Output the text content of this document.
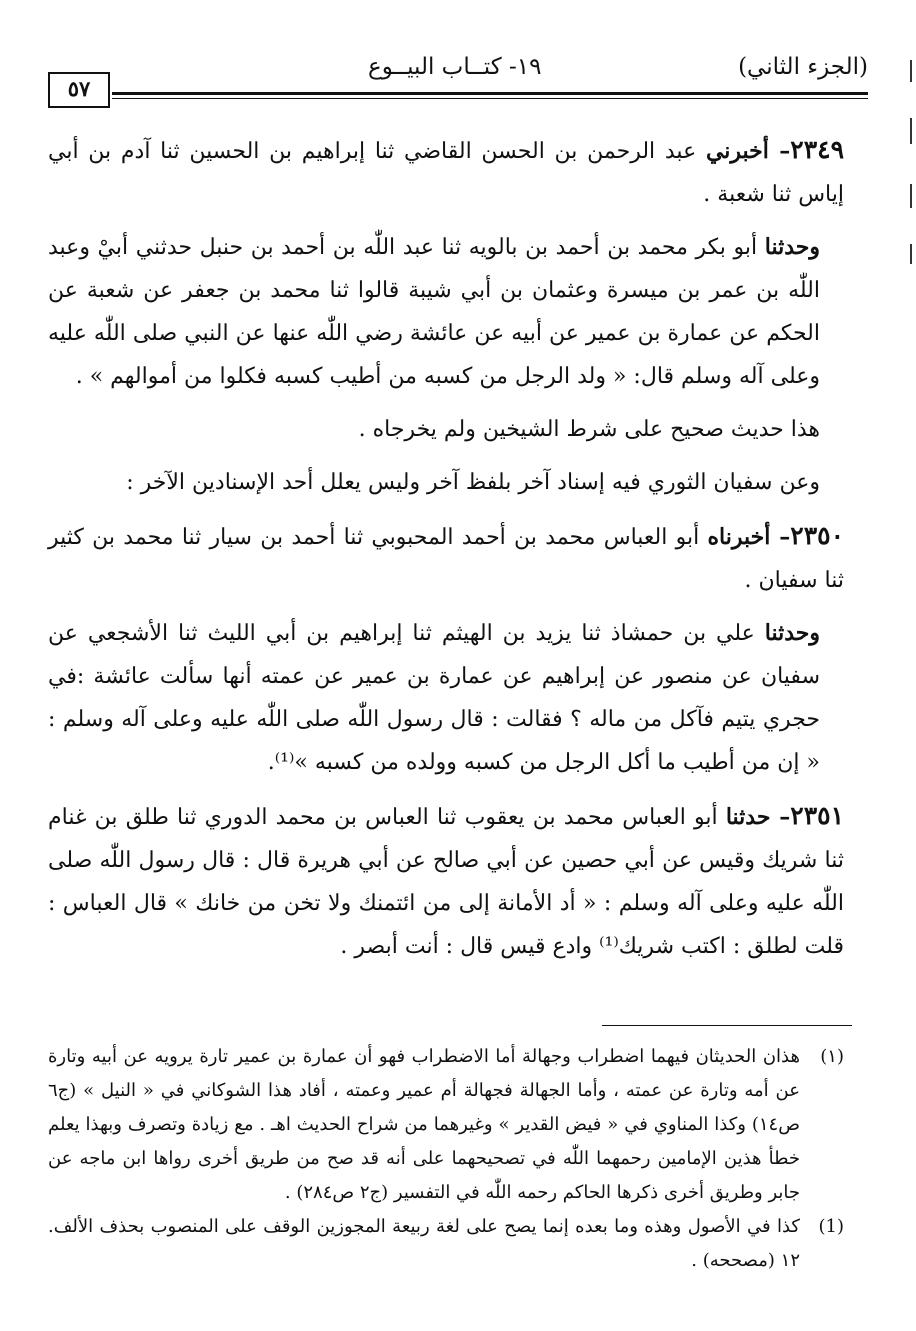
(الجزء الثاني)
١٩- كتــاب البيــوع
٥٧

٢٣٤٩– أخبرني عبد الرحمن بن الحسن القاضي ثنا إبراهيم بن الحسين ثنا آدم بن أبي إياس ثنا شعبة .

وحدثنا أبو بكر محمد بن أحمد بن بالويه ثنا عبد اللّٰه بن أحمد بن حنبل حدثني أبيْ وعبد اللّٰه بن عمر بن ميسرة وعثمان بن أبي شيبة قالوا ثنا محمد بن جعفر عن شعبة عن الحكم عن عمارة بن عمير عن أبيه عن عائشة رضي اللّٰه عنها عن النبي صلى اللّٰه عليه وعلى آله وسلم قال: « ولد الرجل من كسبه من أطيب كسبه فكلوا من أموالهم » .

هذا حديث صحيح على شرط الشيخين ولم يخرجاه .

وعن سفيان الثوري فيه إسناد آخر بلفظ آخر وليس يعلل أحد الإسنادين الآخر :

٢٣٥٠– أخبرناه أبو العباس محمد بن أحمد المحبوبي ثنا أحمد بن سيار ثنا محمد بن كثير ثنا سفيان .

وحدثنا علي بن حمشاذ ثنا يزيد بن الهيثم ثنا إبراهيم بن أبي الليث ثنا الأشجعي عن سفيان عن منصور عن إبراهيم عن عمارة بن عمير عن عمته أنها سألت عائشة :في حجري يتيم فآكل من ماله ؟ فقالت : قال رسول اللّٰه صلى اللّٰه عليه وعلى آله وسلم : « إن من أطيب ما أكل الرجل من كسبه وولده من كسبه »⁽¹⁾.

٢٣٥١– حدثنا أبو العباس محمد بن يعقوب ثنا العباس بن محمد الدوري ثنا طلق بن غنام ثنا شريك وقيس عن أبي حصين عن أبي صالح عن أبي هريرة قال : قال رسول اللّٰه صلى اللّٰه عليه وعلى آله وسلم : « أد الأمانة إلى من ائتمنك ولا تخن من خانك » قال العباس : قلت لطلق : اكتب شريك⁽¹⁾ وادع قيس قال : أنت أبصر .

(١)
هذان الحديثان فيهما اضطراب وجهالة أما الاضطراب فهو أن عمارة بن عمير تارة يرويه عن أبيه وتارة عن أمه وتارة عن عمته ، وأما الجهالة فجهالة أم عمير وعمته ، أفاد هذا الشوكاني في « النيل » (ج٦ ص١٤) وكذا المناوي في « فيض القدير » وغيرهما من شراح الحديث اهـ . مع زيادة وتصرف وبهذا يعلم خطأ هذين الإمامين رحمهما اللّٰه في تصحيحهما على أنه قد صح من طريق أخرى رواها ابن ماجه عن جابر وطريق أخرى ذكرها الحاكم رحمه اللّٰه في التفسير (ج٢ ص٢٨٤) .
(1)
كذا في الأصول وهذه وما بعده إنما يصح على لغة ربيعة المجوزين الوقف على المنصوب بحذف الألف. ١٢ (مصححه) .
